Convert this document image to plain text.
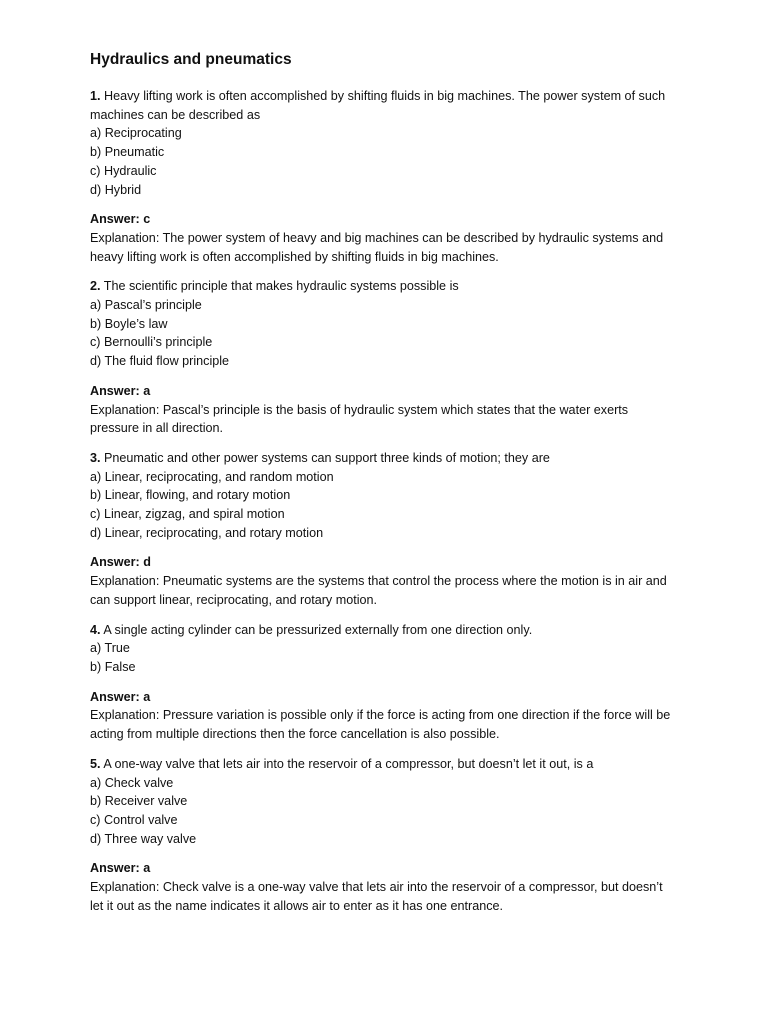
Hydraulics and pneumatics

1. Heavy lifting work is often accomplished by shifting fluids in big machines. The power system of such machines can be described as

a) Reciprocating

b) Pneumatic

c) Hydraulic

d) Hybrid

Answer: c

Explanation: The power system of heavy and big machines can be described by hydraulic systems and heavy lifting work is often accomplished by shifting fluids in big machines.

2. The scientific principle that makes hydraulic systems possible is

a) Pascal’s principle

b) Boyle’s law

c) Bernoulli’s principle

d) The fluid flow principle

Answer: a

Explanation: Pascal’s principle is the basis of hydraulic system which states that the water exerts pressure in all direction.

3. Pneumatic and other power systems can support three kinds of motion; they are

a) Linear, reciprocating, and random motion

b) Linear, flowing, and rotary motion

c) Linear, zigzag, and spiral motion

d) Linear, reciprocating, and rotary motion

Answer: d

Explanation: Pneumatic systems are the systems that control the process where the motion is in air and can support linear, reciprocating, and rotary motion.

4. A single acting cylinder can be pressurized externally from one direction only.

a) True

b) False

Answer: a

Explanation: Pressure variation is possible only if the force is acting from one direction if the force will be acting from multiple directions then the force cancellation is also possible.

5. A one-way valve that lets air into the reservoir of a compressor, but doesn’t let it out, is a

a) Check valve

b) Receiver valve

c) Control valve

d) Three way valve

Answer: a

Explanation: Check valve is a one-way valve that lets air into the reservoir of a compressor, but doesn’t let it out as the name indicates it allows air to enter as it has one entrance.
